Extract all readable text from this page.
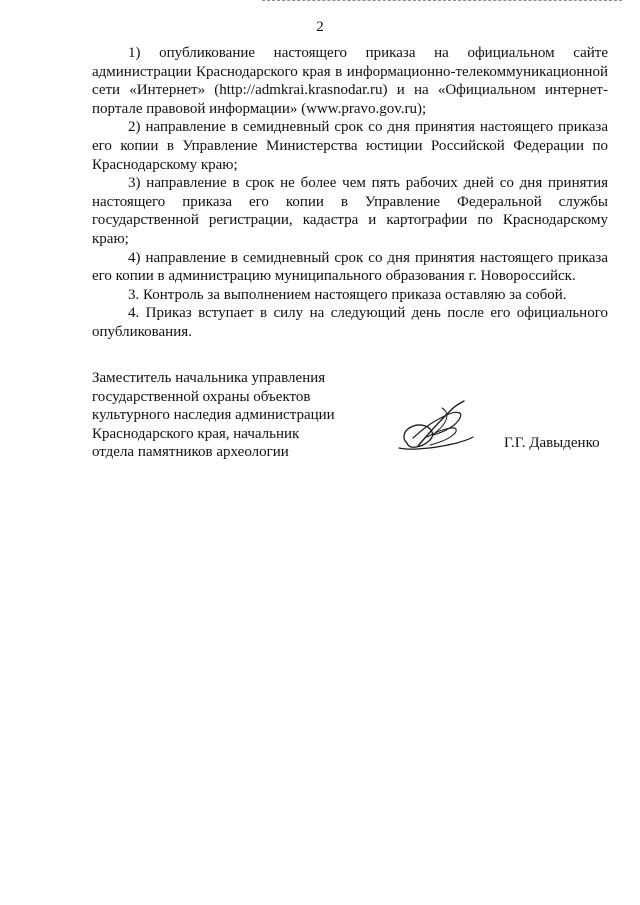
2

1) опубликование настоящего приказа на официальном сайте администрации Краснодарского края в информационно-телекоммуникационной сети «Интернет» (http://admkrai.krasnodar.ru) и на «Официальном интернет-портале правовой информации» (www.pravo.gov.ru);

2) направление в семидневный срок со дня принятия настоящего приказа его копии в Управление Министерства юстиции Российской Федерации по Краснодарскому краю;

3) направление в срок не более чем пять рабочих дней со дня принятия настоящего приказа его копии в Управление Федеральной службы государственной регистрации, кадастра и картографии по Краснодарскому краю;

4) направление в семидневный срок со дня принятия настоящего приказа его копии в администрацию муниципального образования г. Новороссийск.

3. Контроль за выполнением настоящего приказа оставляю за собой.

4. Приказ вступает в силу на следующий день после его официального опубликования.

Заместитель начальника управления
государственной охраны объектов
культурного наследия администрации
Краснодарского края, начальник
отдела памятников археологии
Г.Г. Давыденко
